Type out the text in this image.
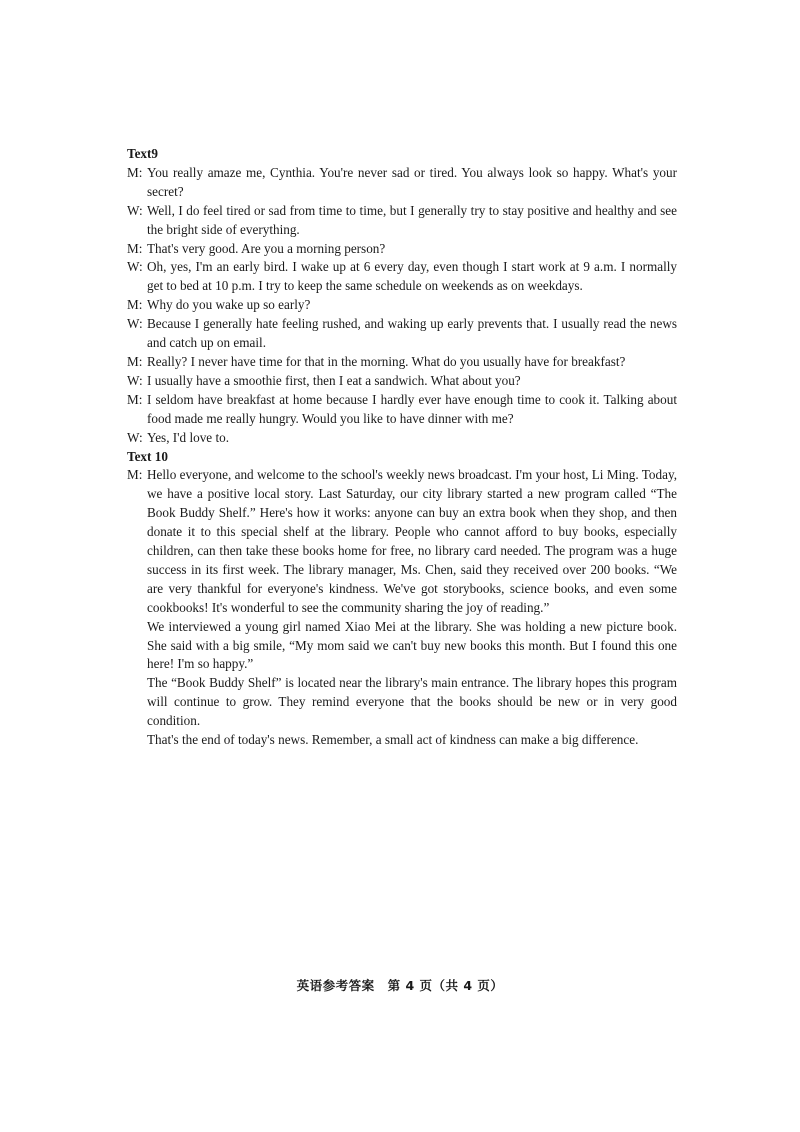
Text9

M: You really amaze me, Cynthia. You're never sad or tired. You always look so happy. What's your secret?

W: Well, I do feel tired or sad from time to time, but I generally try to stay positive and healthy and see the bright side of everything.

M: That's very good. Are you a morning person?

W: Oh, yes, I'm an early bird. I wake up at 6 every day, even though I start work at 9 a.m. I normally get to bed at 10 p.m. I try to keep the same schedule on weekends as on weekdays.

M: Why do you wake up so early?

W: Because I generally hate feeling rushed, and waking up early prevents that. I usually read the news and catch up on email.

M: Really? I never have time for that in the morning. What do you usually have for breakfast?

W: I usually have a smoothie first, then I eat a sandwich. What about you?

M: I seldom have breakfast at home because I hardly ever have enough time to cook it. Talking about food made me really hungry. Would you like to have dinner with me?

W: Yes, I'd love to.

Text 10

M: Hello everyone, and welcome to the school's weekly news broadcast. I'm your host, Li Ming. Today, we have a positive local story. Last Saturday, our city library started a new program called “The Book Buddy Shelf.” Here's how it works: anyone can buy an extra book when they shop, and then donate it to this special shelf at the library. People who cannot afford to buy books, especially children, can then take these books home for free, no library card needed. The program was a huge success in its first week. The library manager, Ms. Chen, said they received over 200 books. “We are very thankful for everyone's kindness. We've got storybooks, science books, and even some cookbooks! It's wonderful to see the community sharing the joy of reading.”

We interviewed a young girl named Xiao Mei at the library. She was holding a new picture book. She said with a big smile, “My mom said we can't buy new books this month. But I found this one here! I'm so happy.”

The “Book Buddy Shelf” is located near the library's main entrance. The library hopes this program will continue to grow. They remind everyone that the books should be new or in very good condition.

That's the end of today's news. Remember, a small act of kindness can make a big difference.

英语参考答案　第 4 页（共 4 页）
